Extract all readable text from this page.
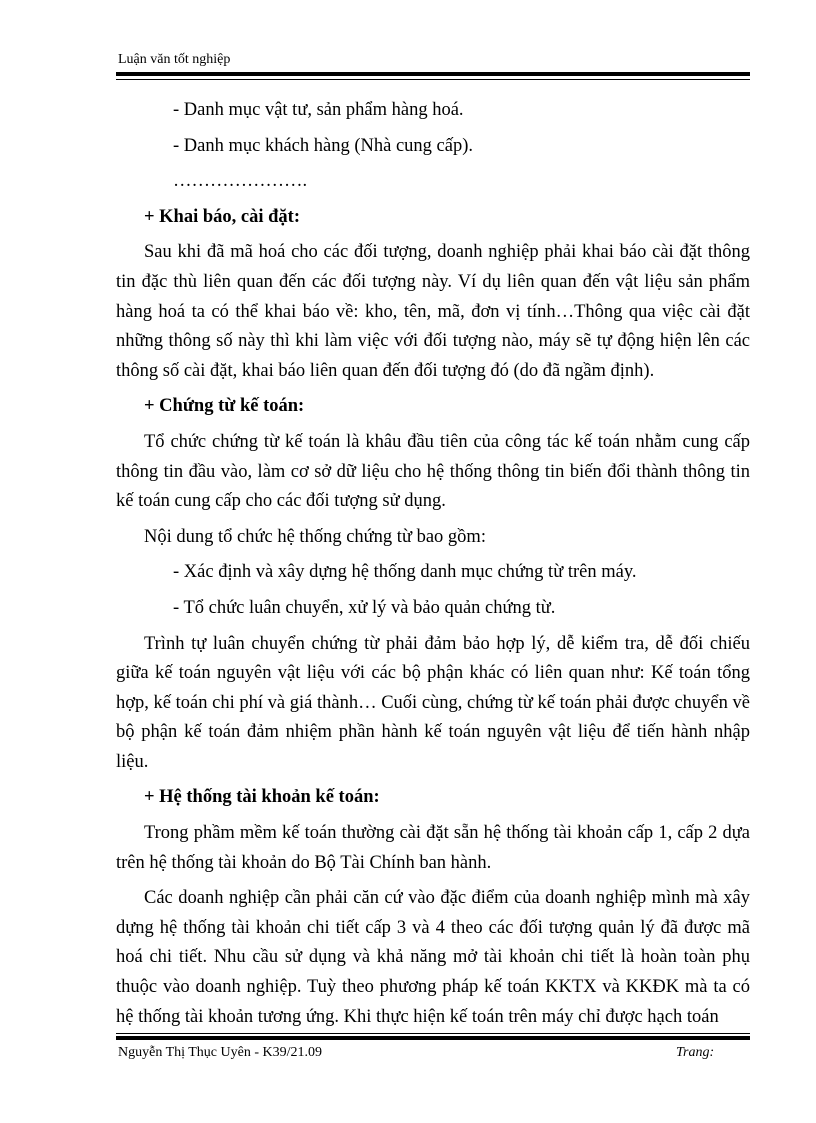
Luận văn tốt nghiệp

- Danh mục vật tư, sản phẩm hàng hoá.

- Danh mục khách hàng (Nhà cung cấp).

………………….

+ Khai báo, cài đặt:

Sau khi đã mã hoá cho các đối tượng, doanh nghiệp phải khai báo cài đặt thông tin đặc thù liên quan đến các đối tượng này. Ví dụ liên quan đến vật liệu sản phẩm hàng hoá ta có thể khai báo về: kho, tên, mã, đơn vị tính…Thông qua việc cài đặt những thông số này thì khi làm việc với đối tượng nào, máy sẽ tự động hiện lên các thông số cài đặt, khai báo liên quan đến đối tượng đó (do đã ngầm định).

+ Chứng từ kế toán:

Tổ chức chứng từ kế toán là khâu đầu tiên của công tác kế toán nhằm cung cấp thông tin đầu vào, làm cơ sở dữ liệu cho hệ thống thông tin biến đổi thành thông tin kế toán cung cấp cho các đối tượng sử dụng.

Nội dung tổ chức hệ thống chứng từ bao gồm:

- Xác định và xây dựng hệ thống danh mục chứng từ trên máy.

- Tổ chức luân chuyển, xử lý và bảo quản chứng từ.

Trình tự luân chuyển chứng từ phải đảm bảo hợp lý, dễ kiểm tra, dễ đối chiếu giữa kế toán nguyên vật liệu với các bộ phận khác có liên quan như: Kế toán tổng hợp, kế toán chi phí và giá thành… Cuối cùng, chứng từ kế toán phải được chuyển về bộ phận kế toán đảm nhiệm phần hành kế toán nguyên vật liệu để tiến hành nhập liệu.

+ Hệ thống tài khoản kế toán:

Trong phầm mềm kế toán thường cài đặt sẵn hệ thống tài khoản cấp 1, cấp 2 dựa trên hệ thống tài khoản do Bộ Tài Chính ban hành.

Các doanh nghiệp cần phải căn cứ vào đặc điểm của doanh nghiệp mình mà xây dựng hệ thống tài khoản chi tiết cấp 3 và 4 theo các đối tượng quản lý đã được mã hoá chi tiết. Nhu cầu sử dụng và khả năng mở tài khoản chi tiết là hoàn toàn phụ thuộc vào doanh nghiệp. Tuỳ theo phương pháp kế toán KKTX và KKĐK mà ta có hệ thống tài khoản tương ứng. Khi thực hiện kế toán trên máy chỉ được hạch toán

Nguyễn Thị Thục Uyên - K39/21.09	Trang:
